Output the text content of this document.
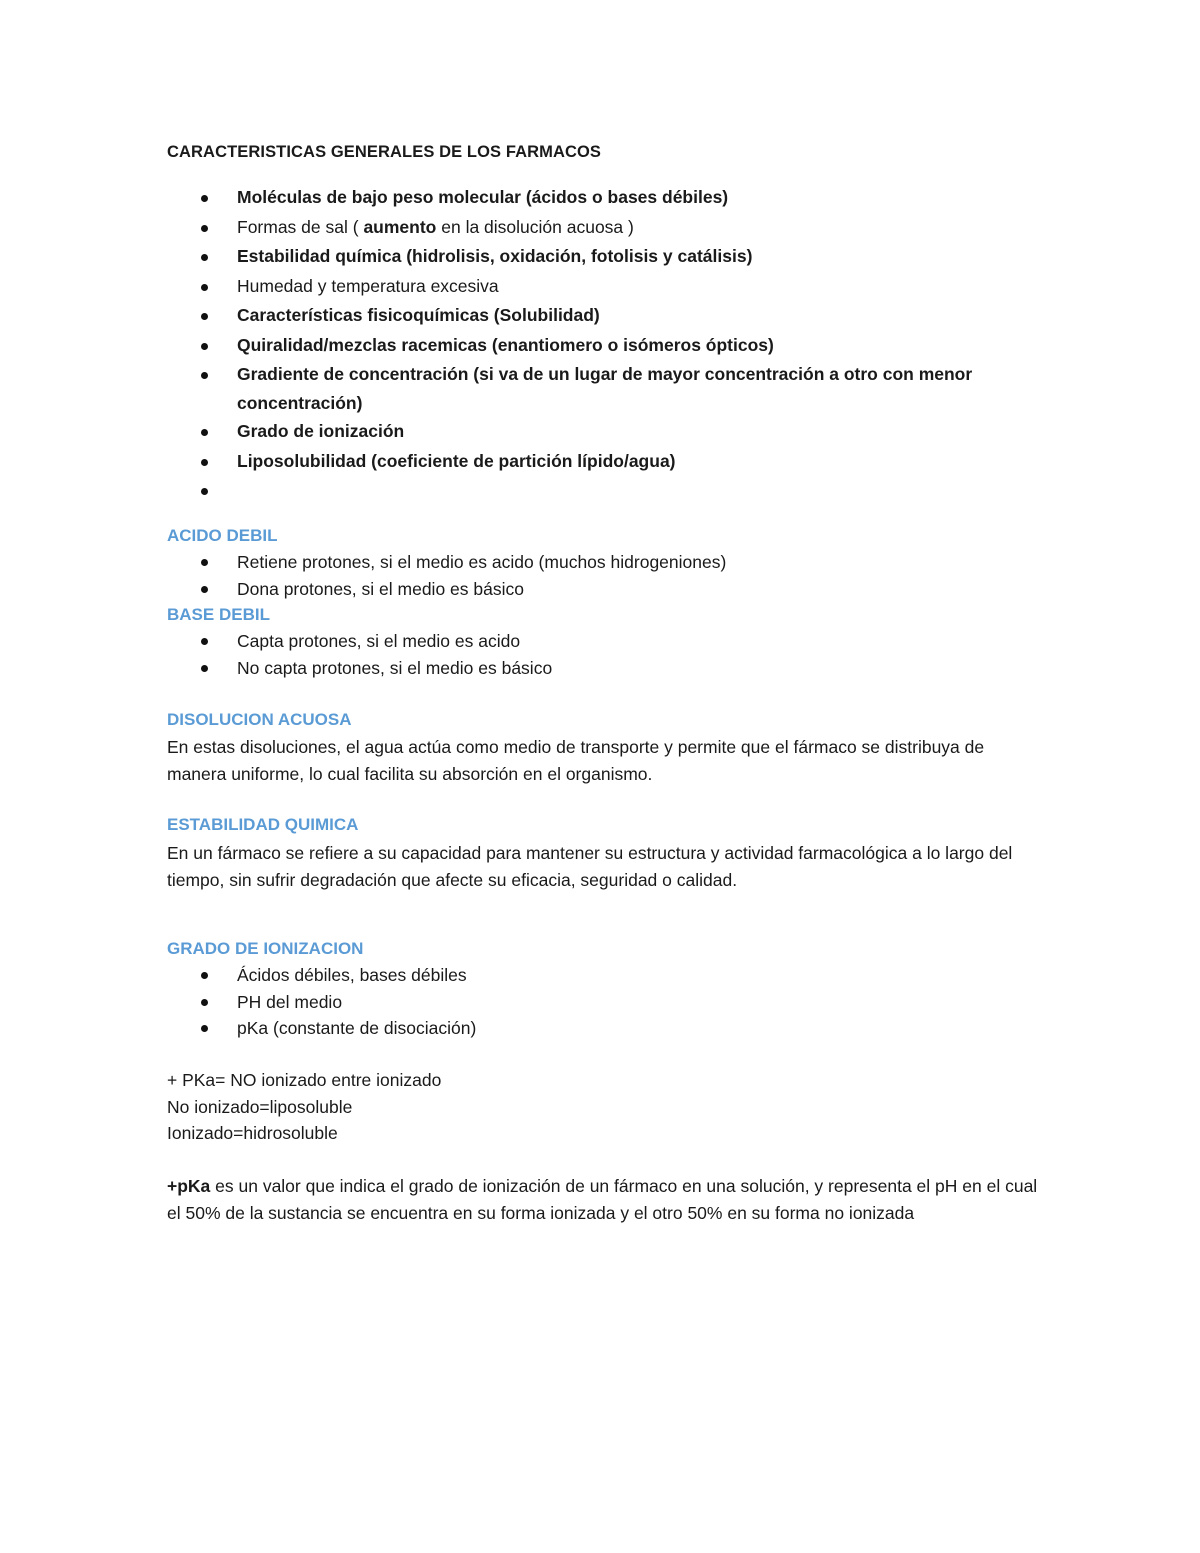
CARACTERISTICAS GENERALES DE LOS FARMACOS
Moléculas de bajo peso molecular (ácidos o bases débiles)
Formas de sal ( aumento en la disolución acuosa )
Estabilidad química (hidrolisis, oxidación, fotolisis y catálisis)
Humedad y temperatura excesiva
Características fisicoquímicas (Solubilidad)
Quiralidad/mezclas racemicas (enantiomero o isómeros ópticos)
Gradiente de concentración (si va de un lugar de mayor concentración a otro con menor concentración)
Grado de ionización
Liposolubilidad (coeficiente de partición lípido/agua)
ACIDO DEBIL
Retiene protones, si el medio es acido (muchos hidrogeniones)
Dona protones, si el medio es básico
BASE DEBIL
Capta protones, si el medio es acido
No capta protones, si el medio es básico
DISOLUCION ACUOSA

En estas disoluciones, el agua actúa como medio de transporte y permite que el fármaco se distribuya de manera uniforme, lo cual facilita su absorción en el organismo.

ESTABILIDAD QUIMICA

En un fármaco se refiere a su capacidad para mantener su estructura y actividad farmacológica a lo largo del tiempo, sin sufrir degradación que afecte su eficacia, seguridad o calidad.

GRADO DE IONIZACION
Ácidos débiles, bases débiles
PH del medio
pKa (constante de disociación)
+ PKa= NO ionizado entre ionizado
No ionizado=liposoluble
Ionizado=hidrosoluble

+pKa es un valor que indica el grado de ionización de un fármaco en una solución, y representa el pH en el cual el 50% de la sustancia se encuentra en su forma ionizada y el otro 50% en su forma no ionizada
